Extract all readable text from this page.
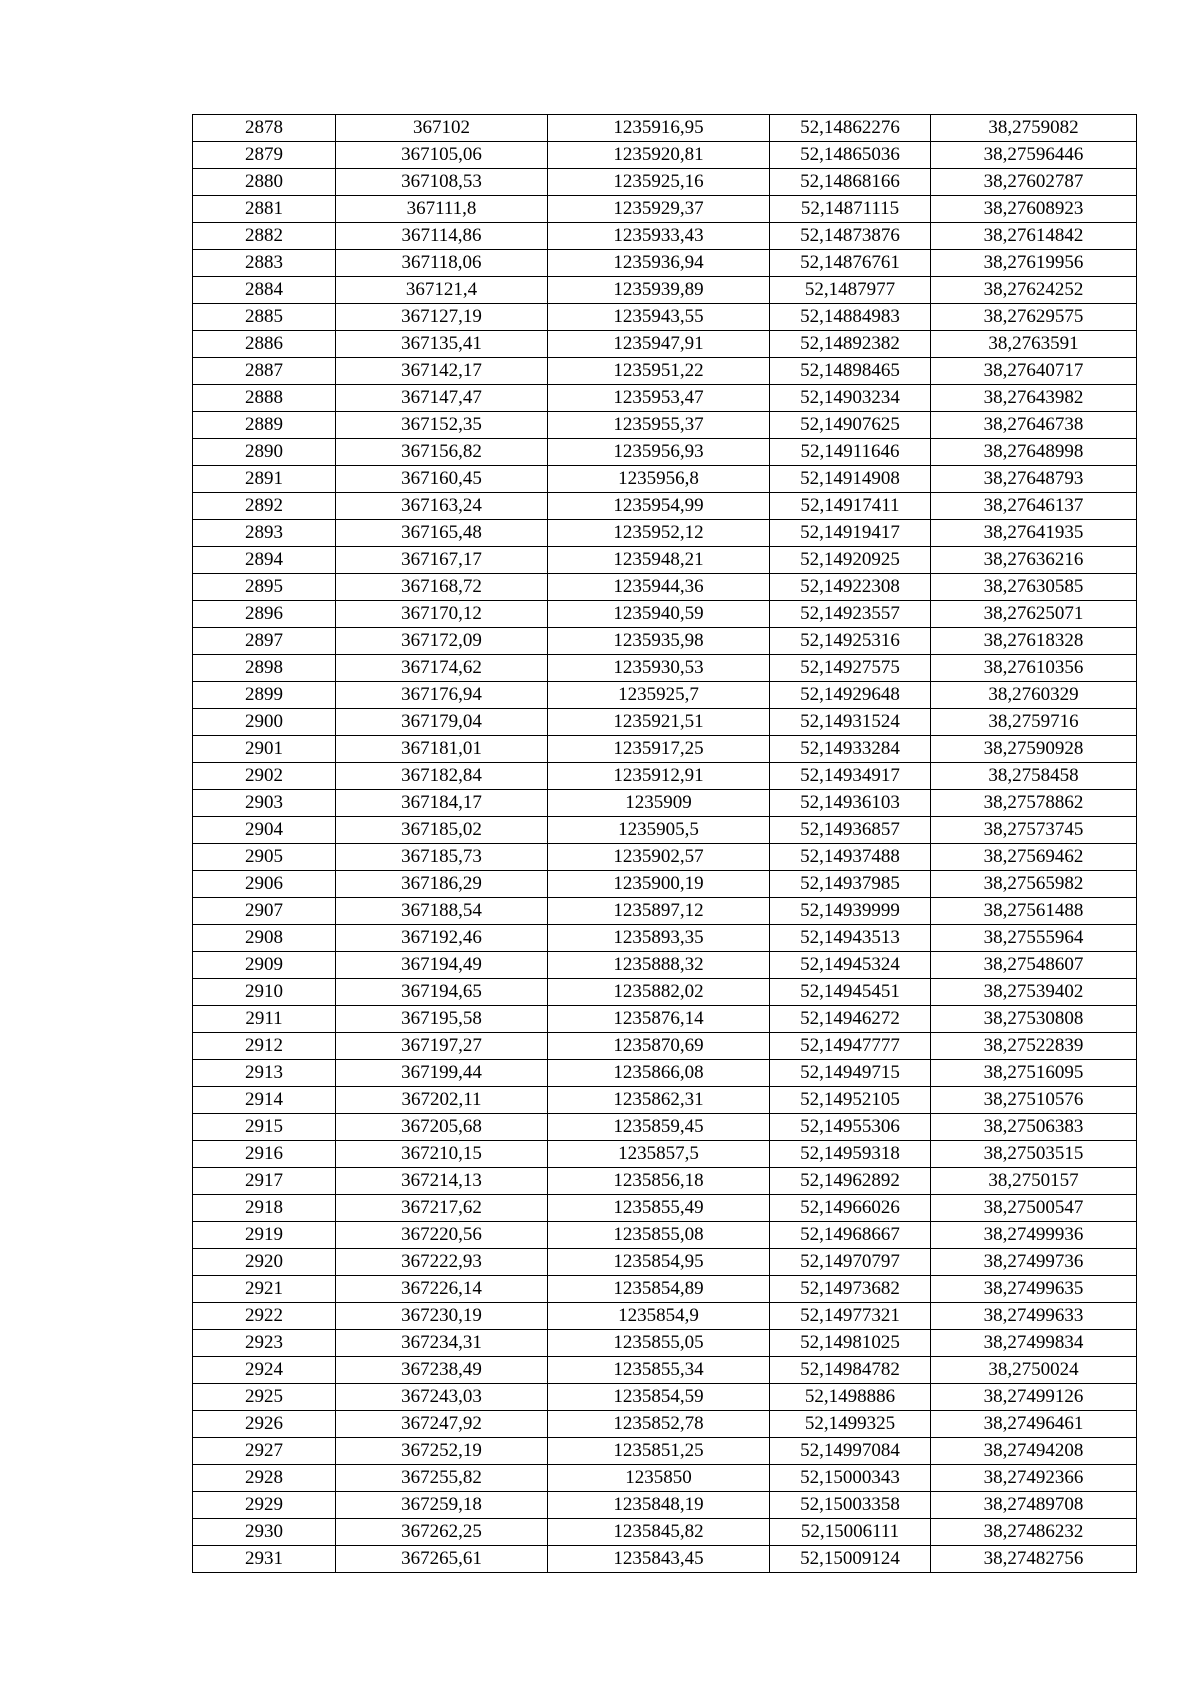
2878	367102	1235916,95	52,14862276	38,2759082
2879	367105,06	1235920,81	52,14865036	38,27596446
2880	367108,53	1235925,16	52,14868166	38,27602787
2881	367111,8	1235929,37	52,14871115	38,27608923
2882	367114,86	1235933,43	52,14873876	38,27614842
2883	367118,06	1235936,94	52,14876761	38,27619956
2884	367121,4	1235939,89	52,1487977	38,27624252
2885	367127,19	1235943,55	52,14884983	38,27629575
2886	367135,41	1235947,91	52,14892382	38,2763591
2887	367142,17	1235951,22	52,14898465	38,27640717
2888	367147,47	1235953,47	52,14903234	38,27643982
2889	367152,35	1235955,37	52,14907625	38,27646738
2890	367156,82	1235956,93	52,14911646	38,27648998
2891	367160,45	1235956,8	52,14914908	38,27648793
2892	367163,24	1235954,99	52,14917411	38,27646137
2893	367165,48	1235952,12	52,14919417	38,27641935
2894	367167,17	1235948,21	52,14920925	38,27636216
2895	367168,72	1235944,36	52,14922308	38,27630585
2896	367170,12	1235940,59	52,14923557	38,27625071
2897	367172,09	1235935,98	52,14925316	38,27618328
2898	367174,62	1235930,53	52,14927575	38,27610356
2899	367176,94	1235925,7	52,14929648	38,2760329
2900	367179,04	1235921,51	52,14931524	38,2759716
2901	367181,01	1235917,25	52,14933284	38,27590928
2902	367182,84	1235912,91	52,14934917	38,2758458
2903	367184,17	1235909	52,14936103	38,27578862
2904	367185,02	1235905,5	52,14936857	38,27573745
2905	367185,73	1235902,57	52,14937488	38,27569462
2906	367186,29	1235900,19	52,14937985	38,27565982
2907	367188,54	1235897,12	52,14939999	38,27561488
2908	367192,46	1235893,35	52,14943513	38,27555964
2909	367194,49	1235888,32	52,14945324	38,27548607
2910	367194,65	1235882,02	52,14945451	38,27539402
2911	367195,58	1235876,14	52,14946272	38,27530808
2912	367197,27	1235870,69	52,14947777	38,27522839
2913	367199,44	1235866,08	52,14949715	38,27516095
2914	367202,11	1235862,31	52,14952105	38,27510576
2915	367205,68	1235859,45	52,14955306	38,27506383
2916	367210,15	1235857,5	52,14959318	38,27503515
2917	367214,13	1235856,18	52,14962892	38,2750157
2918	367217,62	1235855,49	52,14966026	38,27500547
2919	367220,56	1235855,08	52,14968667	38,27499936
2920	367222,93	1235854,95	52,14970797	38,27499736
2921	367226,14	1235854,89	52,14973682	38,27499635
2922	367230,19	1235854,9	52,14977321	38,27499633
2923	367234,31	1235855,05	52,14981025	38,27499834
2924	367238,49	1235855,34	52,14984782	38,2750024
2925	367243,03	1235854,59	52,1498886	38,27499126
2926	367247,92	1235852,78	52,1499325	38,27496461
2927	367252,19	1235851,25	52,14997084	38,27494208
2928	367255,82	1235850	52,15000343	38,27492366
2929	367259,18	1235848,19	52,15003358	38,27489708
2930	367262,25	1235845,82	52,15006111	38,27486232
2931	367265,61	1235843,45	52,15009124	38,27482756
